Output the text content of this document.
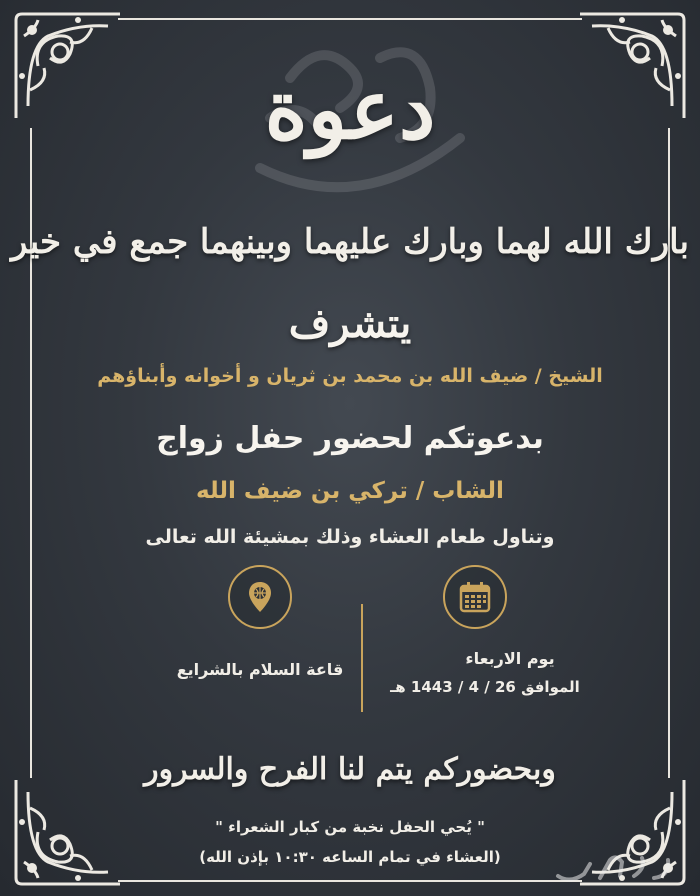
دعوة
بارك الله لهما وبارك عليهما وبينهما جمع في خير
يتشرف
الشيخ / ضيف الله بن محمد بن ثريان و أخوانه وأبناؤهم
بدعوتكم لحضور حفل زواج
الشاب / تركي بن ضيف الله
وتناول طعام العشاء وذلك بمشيئة الله تعالى
قاعة السلام بالشرايع
يوم الاربعاء
الموافق 26 / 4 / 1443 هـ
وبحضوركم يتم لنا الفرح والسرور
" يُحي الحفل نخبة من كبار الشعراء "
(العشاء في تمام الساعه ١٠:٣٠ بإذن الله)
